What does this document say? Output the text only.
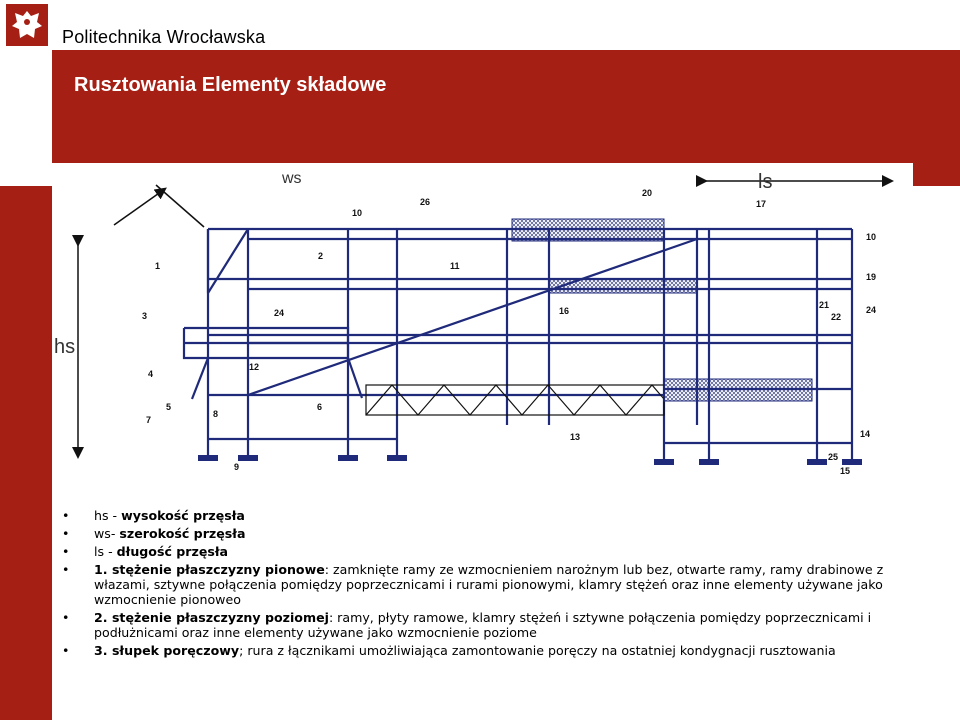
Politechnika Wrocławska
Rusztowania Elementy składowe
ws	ls
hs
1
2
3
4
5	6
7
8
9
10
11
12
13	14
15
16
17
19
20
21
22
24	24
25
26
10
• hs - wysokość przęsła
• ws- szerokość przęsła
• ls - długość przęsła
• 1. stężenie płaszczyzny pionowe: zamknięte ramy ze wzmocnieniem narożnym lub bez, otwarte ramy, ramy drabinowe z włazami, sztywne połączenia pomiędzy poprzecznicami i rurami pionowymi, klamry stężeń oraz inne elementy używane jako wzmocnienie pionoweo
• 2. stężenie płaszczyzny poziomej: ramy, płyty ramowe, klamry stężeń i sztywne połączenia pomiędzy poprzecznicami i podłużnicami oraz inne elementy używane jako wzmocnienie poziome
• 3. słupek poręczowy; rura z łącznikami umożliwiająca zamontowanie poręczy na ostatniej kondygnacji rusztowania
